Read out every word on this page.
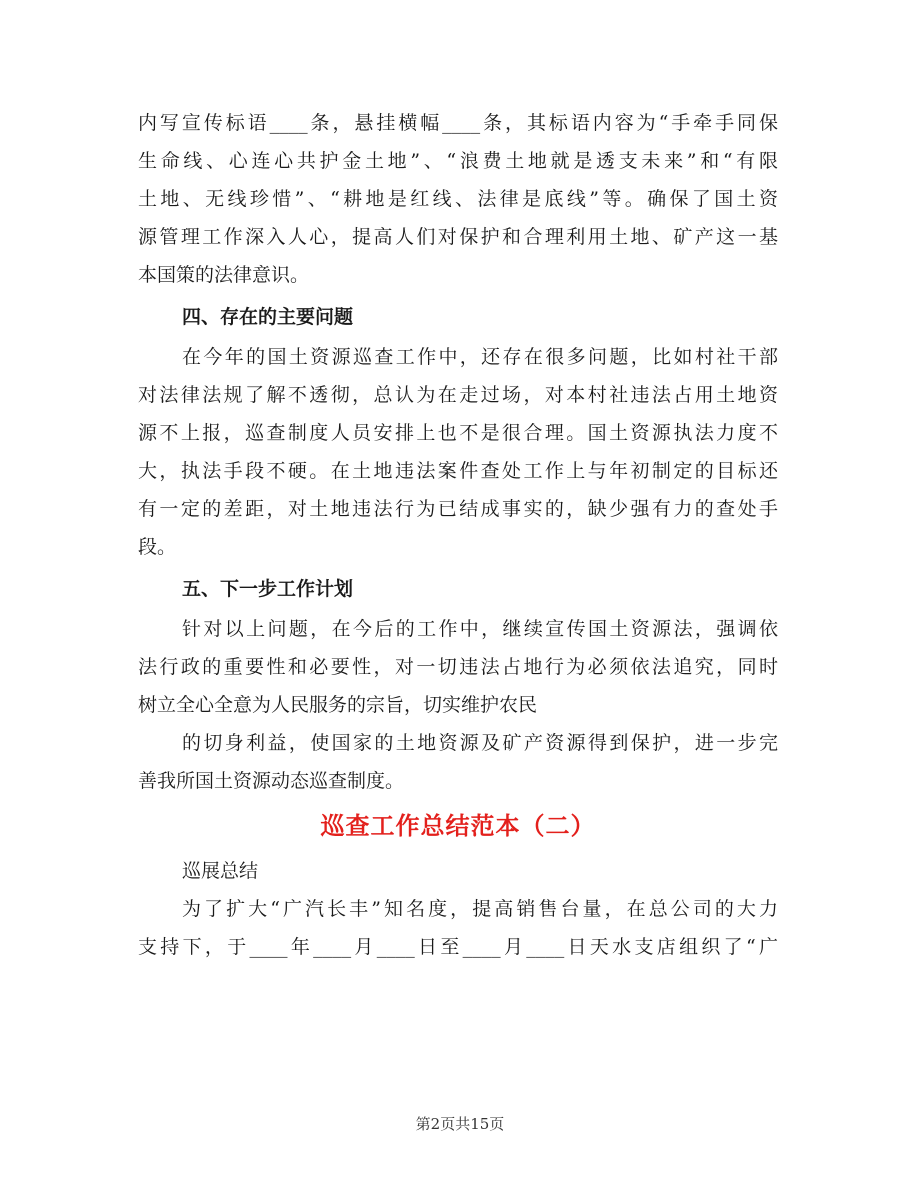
内写宣传标语____条，悬挂横幅____条，其标语内容为“手牵手同保
生命线、心连心共护金土地”、“浪费土地就是透支未来”和“有限
土地、无线珍惜”、“耕地是红线、法律是底线”等。确保了国土资
源管理工作深入人心，提高人们对保护和合理利用土地、矿产这一基
本国策的法律意识。
四、存在的主要问题
在今年的国土资源巡查工作中，还存在很多问题，比如村社干部
对法律法规了解不透彻，总认为在走过场，对本村社违法占用土地资
源不上报，巡查制度人员安排上也不是很合理。国土资源执法力度不
大，执法手段不硬。在土地违法案件查处工作上与年初制定的目标还
有一定的差距，对土地违法行为已结成事实的，缺少强有力的查处手
段。
五、下一步工作计划
针对以上问题，在今后的工作中，继续宣传国土资源法，强调依
法行政的重要性和必要性，对一切违法占地行为必须依法追究，同时
树立全心全意为人民服务的宗旨，切实维护农民
的切身利益，使国家的土地资源及矿产资源得到保护，进一步完
善我所国土资源动态巡查制度。
巡查工作总结范本（二）
巡展总结
为了扩大“广汽长丰”知名度，提高销售台量，在总公司的大力
支持下，于____年____月____日至____月____日天水支店组织了“广
第2页共15页
